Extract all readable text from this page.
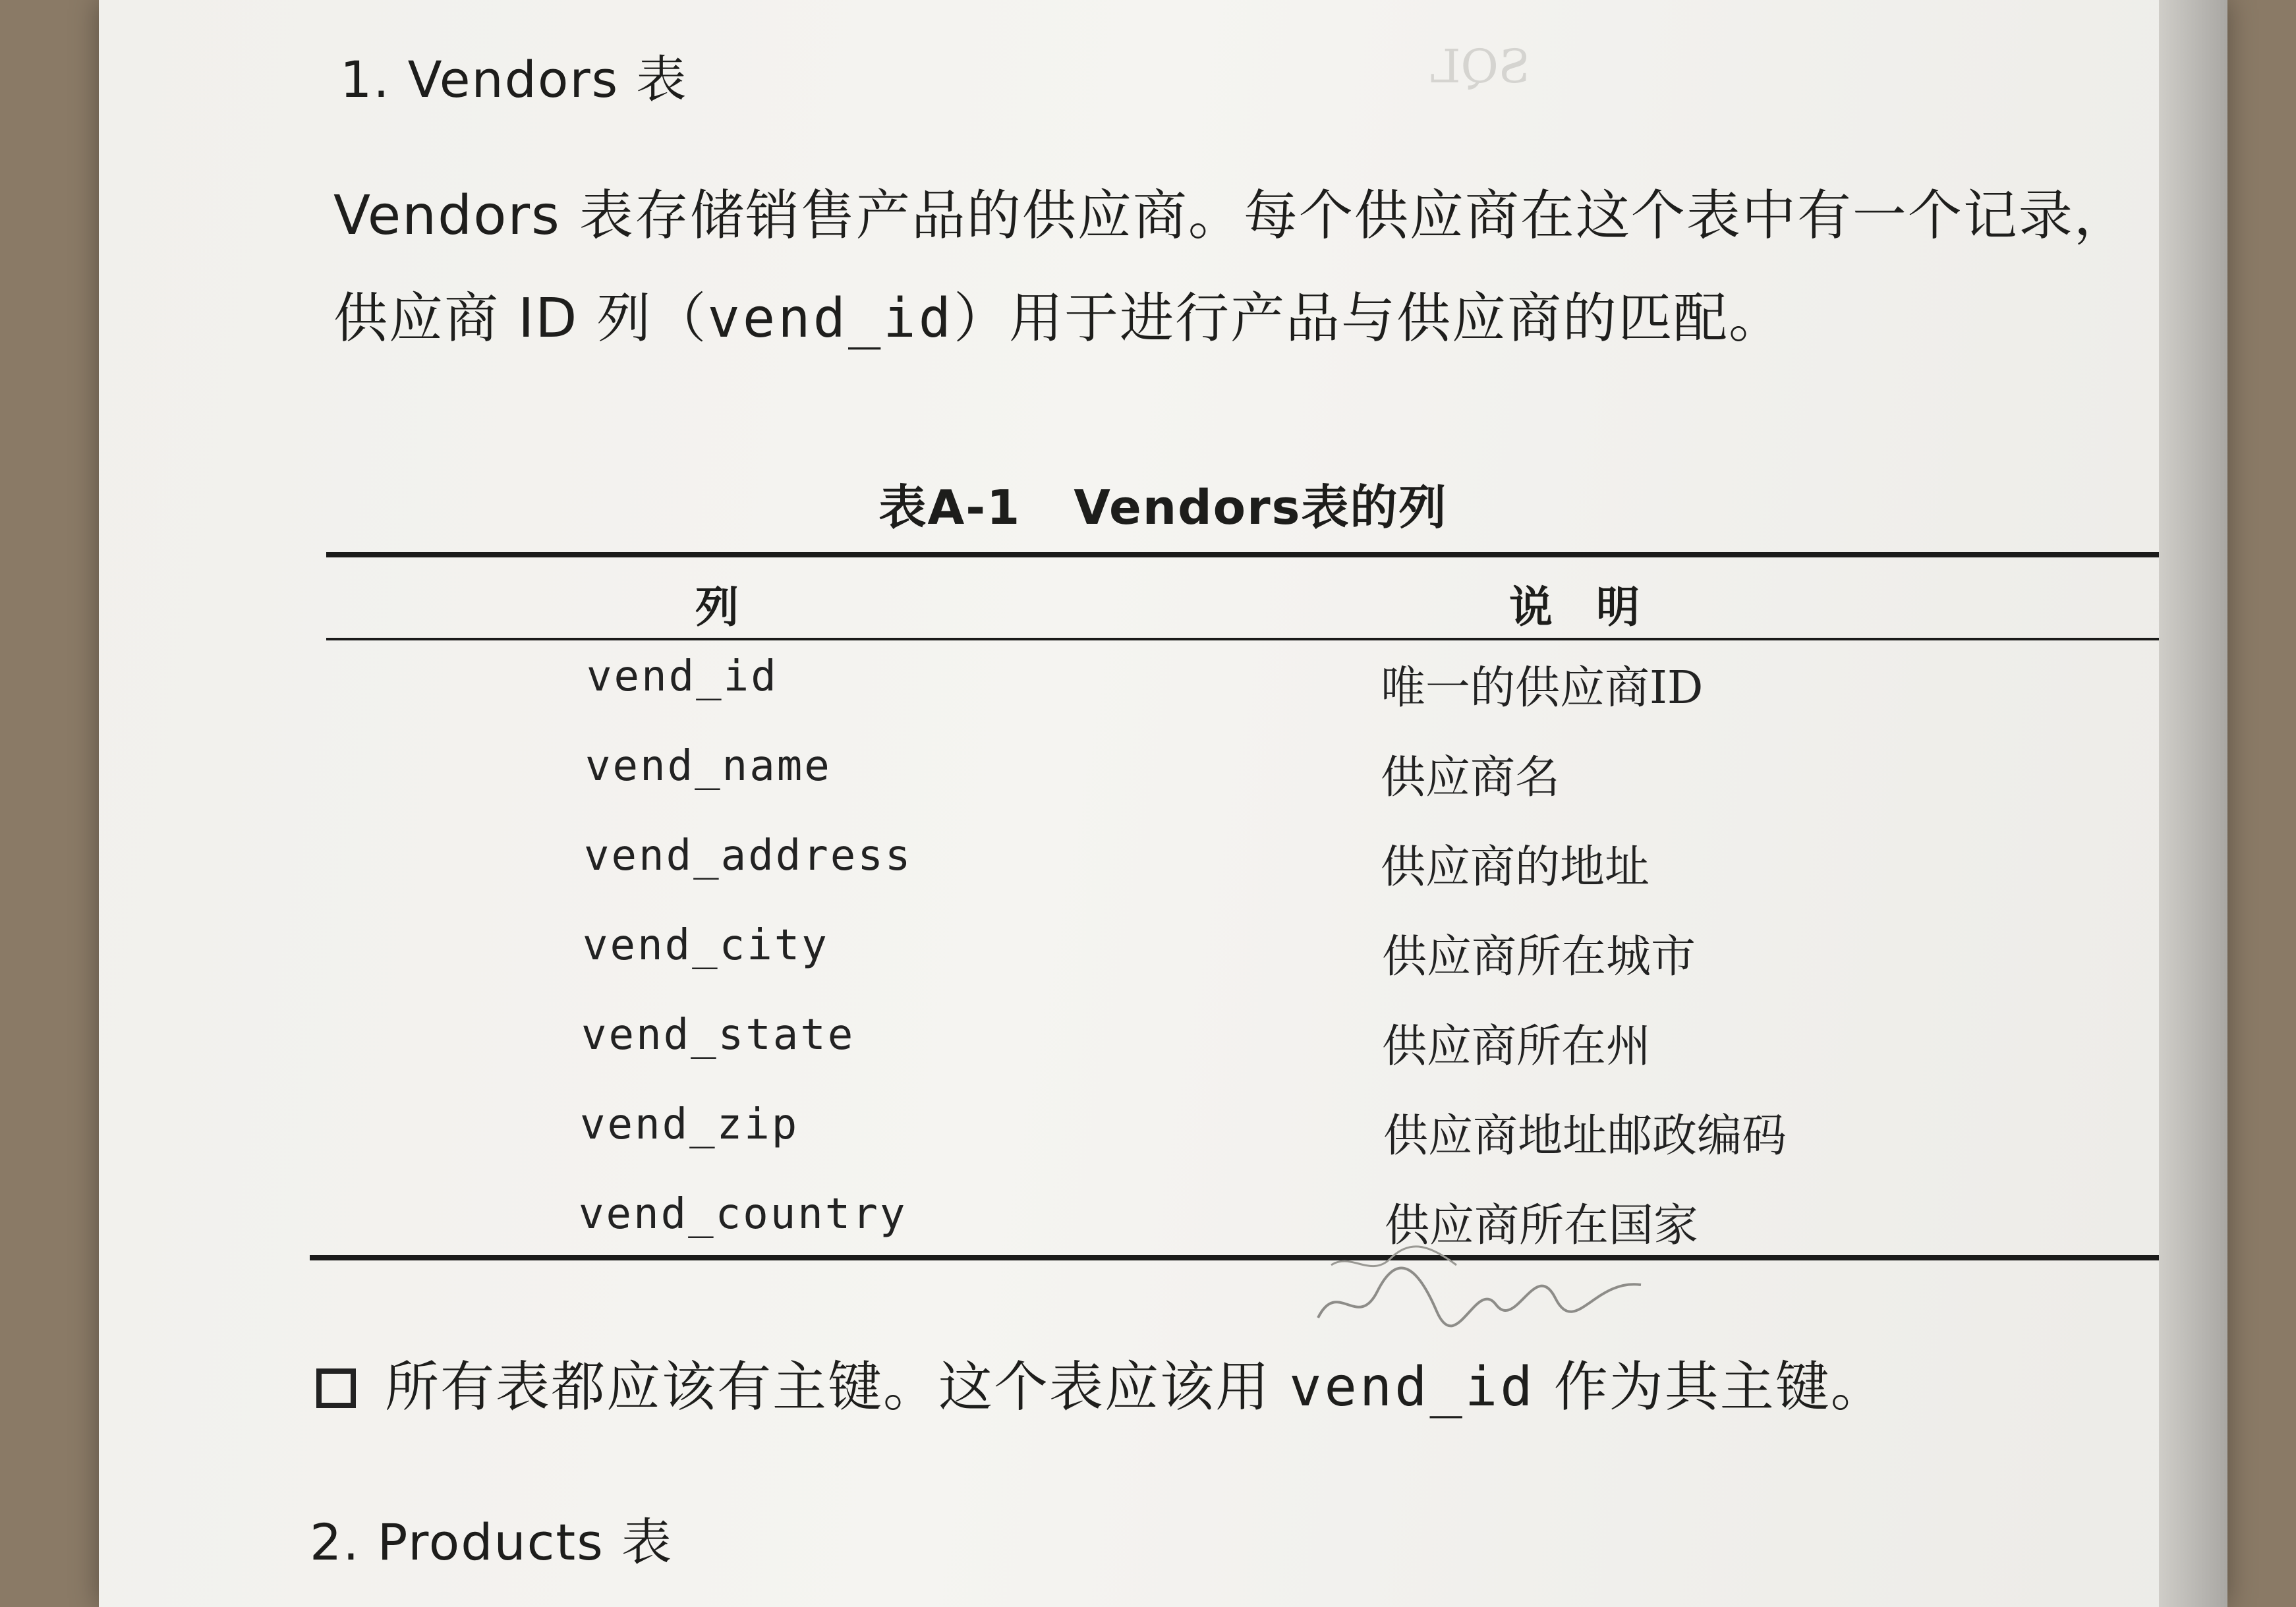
SQL
1. Vendors 表
Vendors 表存储销售产品的供应商。每个供应商在这个表中有一个记录，
供应商 ID 列（vend_id）用于进行产品与供应商的匹配。
表A-1 Vendors表的列
列	说　明
vend_id	唯一的供应商ID
vend_name	供应商名
vend_address	供应商的地址
vend_city	供应商所在城市
vend_state	供应商所在州
vend_zip	供应商地址邮政编码
vend_country	供应商所在国家
所有表都应该有主键。这个表应该用 vend_id 作为其主键。
2. Products 表
